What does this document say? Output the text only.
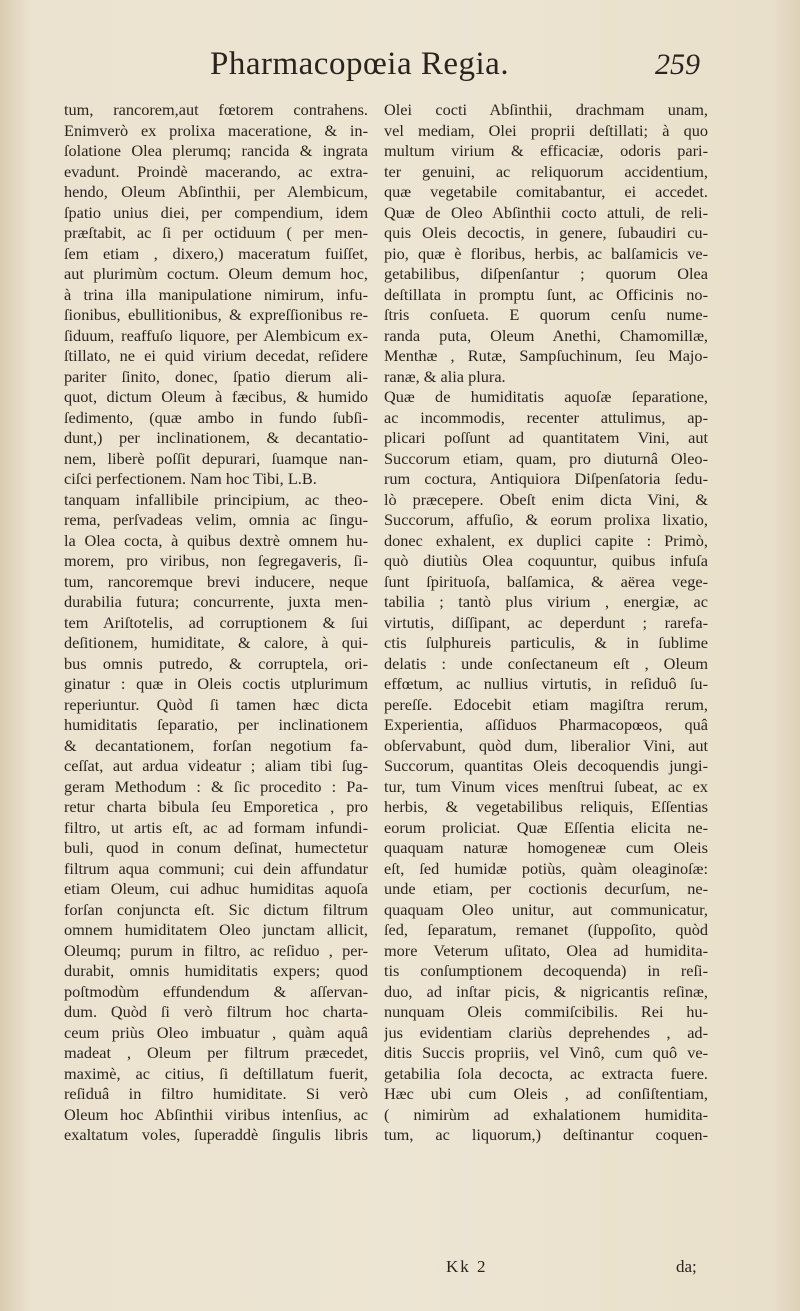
Pharmacopœia Regia.	259
tum, rancorem,aut fœtorem contrahens.
Enimverò ex prolixa maceratione, & in-
ſolatione Olea plerumq; rancida & ingrata
evadunt. Proindè macerando, ac extra-
hendo, Oleum Abſinthii, per Alembicum,
ſpatio unius diei, per compendium, idem
præſtabit, ac ſi per octiduum ( per men-
ſem etiam , dixero,) maceratum fuiſſet,
aut plurimùm coctum. Oleum demum hoc,
à trina illa manipulatione nimirum, infu-
ſionibus, ebullitionibus, & expreſſionibus re-
ſiduum, reaffuſo liquore, per Alembicum ex-
ſtillato, ne ei quid virium decedat, reſidere
pariter ſinito, donec, ſpatio dierum ali-
quot, dictum Oleum à fæcibus, & humido
ſedimento, (quæ ambo in fundo ſubſi-
dunt,) per inclinationem, & decantatio-
nem, liberè poſſit depurari, ſuamque nan-
ciſci perfectionem. Nam hoc Tibi, L.B.
tanquam infallibile principium, ac theo-
rema, perſvadeas velim, omnia ac ſingu-
la Olea cocta, à quibus dextrè omnem hu-
morem, pro viribus, non ſegregaveris, ſi-
tum, rancoremque brevi inducere, neque
durabilia futura; concurrente, juxta men-
tem Ariſtotelis, ad corruptionem & ſui
deſitionem, humiditate, & calore, à qui-
bus omnis putredo, & corruptela, ori-
ginatur : quæ in Oleis coctis utplurimum
reperiuntur. Quòd ſi tamen hæc dicta
humiditatis ſeparatio, per inclinationem
& decantationem, forſan negotium fa-
ceſſat, aut ardua videatur ; aliam tibi ſug-
geram Methodum : & ſic procedito : Pa-
retur charta bibula ſeu Emporetica , pro
filtro, ut artis eſt, ac ad formam infundi-
buli, quod in conum deſinat, humectetur
filtrum aqua communi; cui dein affundatur
etiam Oleum, cui adhuc humiditas aquoſa
forſan conjuncta eſt. Sic dictum filtrum
omnem humiditatem Oleo junctam allicit,
Oleumq; purum in filtro, ac reſiduo , per-
durabit, omnis humiditatis expers; quod
poſtmodùm effundendum & aſſervan-
dum. Quòd ſi verò filtrum hoc charta-
ceum priùs Oleo imbuatur , quàm aquâ
madeat , Oleum per filtrum præcedet,
maximè, ac citius, ſi deſtillatum fuerit,
reſiduâ in filtro humiditate. Si verò
Oleum hoc Abſinthii viribus intenſius, ac
exaltatum voles, ſuperaddè ſingulis libris
Olei cocti Abſinthii, drachmam unam,
vel mediam, Olei proprii deſtillati; à quo
multum virium & efficaciæ, odoris pari-
ter genuini, ac reliquorum accidentium,
quæ vegetabile comitabantur, ei accedet.
Quæ de Oleo Abſinthii cocto attuli, de reli-
quis Oleis decoctis, in genere, ſubaudiri cu-
pio, quæ è floribus, herbis, ac balſamicis ve-
getabilibus, diſpenſantur ; quorum Olea
deſtillata in promptu ſunt, ac Officinis no-
ſtris conſueta. E quorum cenſu nume-
randa puta, Oleum Anethi, Chamomillæ,
Menthæ , Rutæ, Sampſuchinum, ſeu Majo-
ranæ, & alia plura.
Quæ de humiditatis aquoſæ ſeparatione,
ac incommodis, recenter attulimus, ap-
plicari poſſunt ad quantitatem Vini, aut
Succorum etiam, quam, pro diuturnâ Oleo-
rum coctura, Antiquiora Diſpenſatoria ſedu-
lò præcepere. Obeſt enim dicta Vini, &
Succorum, affuſio, & eorum prolixa lixatio,
donec exhalent, ex duplici capite : Primò,
quò diutiùs Olea coquuntur, quibus infuſa
ſunt ſpirituoſa, balſamica, & aërea vege-
tabilia ; tantò plus virium , energiæ, ac
virtutis, diſſipant, ac deperdunt ; rarefa-
ctis ſulphureis particulis, & in ſublime
delatis : unde conſectaneum eſt , Oleum
effœtum, ac nullius virtutis, in reſiduô ſu-
pereſſe. Edocebit etiam magiſtra rerum,
Experientia, aſſiduos Pharmacopœos, quâ
obſervabunt, quòd dum, liberalior Vini, aut
Succorum, quantitas Oleis decoquendis jungi-
tur, tum Vinum vices menſtrui ſubeat, ac ex
herbis, & vegetabilibus reliquis, Eſſentias
eorum proliciat. Quæ Eſſentia elicita ne-
quaquam naturæ homogeneæ cum Oleis
eſt, ſed humidæ potiùs, quàm oleaginoſæ:
unde etiam, per coctionis decurſum, ne-
quaquam Oleo unitur, aut communicatur,
ſed, ſeparatum, remanet (ſuppoſito, quòd
more Veterum uſitato, Olea ad humidita-
tis conſumptionem decoquenda) in reſi-
duo, ad inſtar picis, & nigricantis reſinæ,
nunquam Oleis commiſcibilis. Rei hu-
jus evidentiam clariùs deprehendes , ad-
ditis Succis propriis, vel Vinô, cum quô ve-
getabilia ſola decocta, ac extracta fuere.
Hæc ubi cum Oleis , ad conſiſtentiam,
( nimirùm ad exhalationem humidita-
tum, ac liquorum,) deſtinantur coquen-
Kk 2	da;
